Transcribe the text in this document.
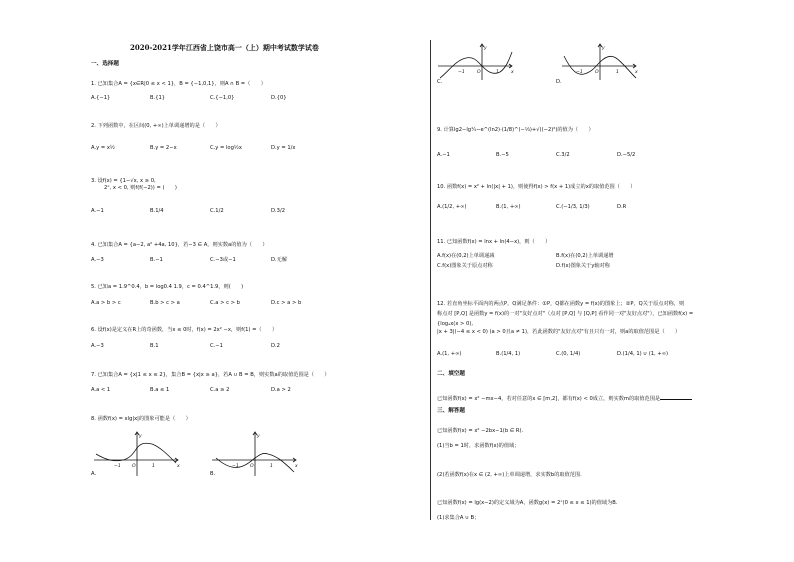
2020-2021学年江西省上饶市高一（上）期中考试数学试卷
一、选择题
1. 已知集合A = {x∈R|0 ≤ x < 1}，B = {−1,0,1}，则A ∩ B =（　　）
A.{−1}	B.{1}	C.{−1,0}	D.{0}
2. 下列函数中，在区间(0, +∞)上单调递增的是（　　）
A.y = x½	B.y = 2−x	C.y = log½x	D.y = 1/x
3. 设f(x) = {1−√x, x ≥ 0,
2ˣ, x < 0, 则f(f(−2)) = (　　)
A.−1	B.1/4	C.1/2	D.3/2
4. 已知集合A = {a−2, a² +4a, 10}，若−3 ∈ A，则实数a的值为（　　）
A.−3	B.−1	C.−3或−1	D.无解
5. 已知a = 1.9^0.4，b = log0.4 1.9，c = 0.4^1.9，则(　　)
A.a > b > c	B.b > c > a	C.a > c > b	D.c > a > b
6. 设f(x)是定义在R上的奇函数，当x ≤ 0时，f(x) = 2x² −x，则f(1) =（　　）
A.−3	B.1	C.−1	D.2
7. 已知集合A = {x|1 ≤ x ≤ 2}，集合B = {x|x ≥ a}，若A ∪ B = B，则实数a的取值范围是（　　）
A.a < 1	B.a ≤ 1	C.a ≥ 2	D.a > 2
8. 函数f(x) = xlg|x|的图象可能是（　　）
y
x
O
−1	1
A.
y
x
O
−1	1
B.
y
x
O
−1	1
C.
y
x
O
−1	1
D.
9. 计算lg2−lg¼−e^(ln2)·(1/8)^(−⅓)+√((−2)²)的值为（　　）
A.−1	B.−5	C.3/2	D.−5/2
10. 函数f(x) = x² + ln(|x| + 1)，则使得f(x) > f(x + 1)成立的x的取值范围（　　）
A.(1/2, +∞)	B.(1, +∞)	C.(−1/3, 1/3)	D.R
11. 已知函数f(x) = lnx + ln(4−x)，则（　　）
A.f(x)在(0,2)上单调递减	B.f(x)在(0,2)上单调递增
C.f(x)图象关于原点对称	D.f(x)图象关于y轴对称
12. 若直角坐标平面内的两点P，Q满足条件：①P，Q都在函数y = f(x)的图象上；②P，Q关于原点对称，则
称点对 [P,Q] 是函数y = f(x)的一对"友好点对"（点对 [P,Q] 与 [Q,P] 看作同一对"友好点对"），已知函数f(x) =
{logₐx(x > 0),
|x + 3|(−4 ≤ x < 0) (a > 0且a ≠ 1)，若此函数的"友好点对"有且只有一对，则a的取值范围是（　　）
A.(1, +∞)	B.(1/4, 1)	C.(0, 1/4)	D.(1/4, 1) ∪ (1, +∞)
二、填空题
已知函数f(x) = x² −mx−4，若对任意的x ∈ [m,2]，都有f(x) < 0成立，则实数m的取值范围是
三、解答题
已知函数f(x) = x² −2bx−1(b ∈ R).
(1)当b = 1时，求函数f(x)的值域；
(2)若函数f(x)在x ∈ (2, +∞)上单调递增，求实数b的取值范围.
已知函数f(x) = lg(x−2)的定义域为A，函数g(x) = 2ˣ(0 ≤ x ≤ 1)的值域为B.
(1)求集合A ∪ B；
